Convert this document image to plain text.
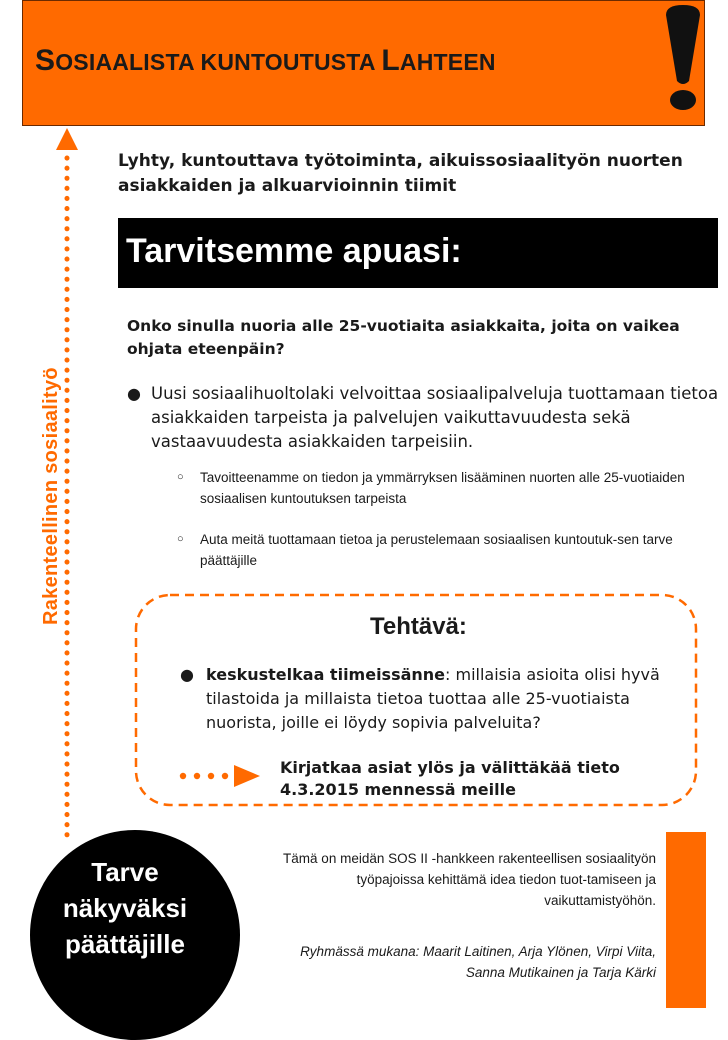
SOSIAALISTA KUNTOUTUSTA LAHTEEN
Rakenteellinen sosiaalityö
Lyhty, kuntouttava työtoiminta, aikuissosiaalityön nuorten asiakkaiden ja alkuarvioinnin tiimit
Tarvitsemme apuasi:
Onko sinulla nuoria alle 25-vuotiaita asiakkaita, joita on vaikea ohjata eteenpäin?
● Uusi sosiaalihuoltolaki velvoittaa sosiaalipalveluja tuottamaan tietoa asiakkaiden tarpeista ja palvelujen vaikuttavuudesta sekä vastaavuudesta asiakkaiden tarpeisiin.
○ Tavoitteenamme on tiedon ja ymmärryksen lisääminen nuorten alle 25-vuotiaiden sosiaalisen kuntoutuksen tarpeista
○ Auta meitä tuottamaan tietoa ja perustelemaan sosiaalisen kuntoutuk-sen tarve päättäjille
Tehtävä:
● keskustelkaa tiimeissänne: millaisia asioita olisi hyvä tilastoida ja millaista tietoa tuottaa alle 25-vuotiaista nuorista, joille ei löydy sopivia palveluita?
Kirjatkaa asiat ylös ja välittäkää tieto 4.3.2015 mennessä meille
Tarve
näkyväksi
päättäjille
Tämä on meidän SOS II -hankkeen rakenteellisen sosiaalityön työpajoissa kehittämä idea tiedon tuot-tamiseen ja vaikuttamistyöhön.
Ryhmässä mukana: Maarit Laitinen, Arja Ylönen, Virpi Viita, Sanna Mutikainen ja Tarja Kärki
